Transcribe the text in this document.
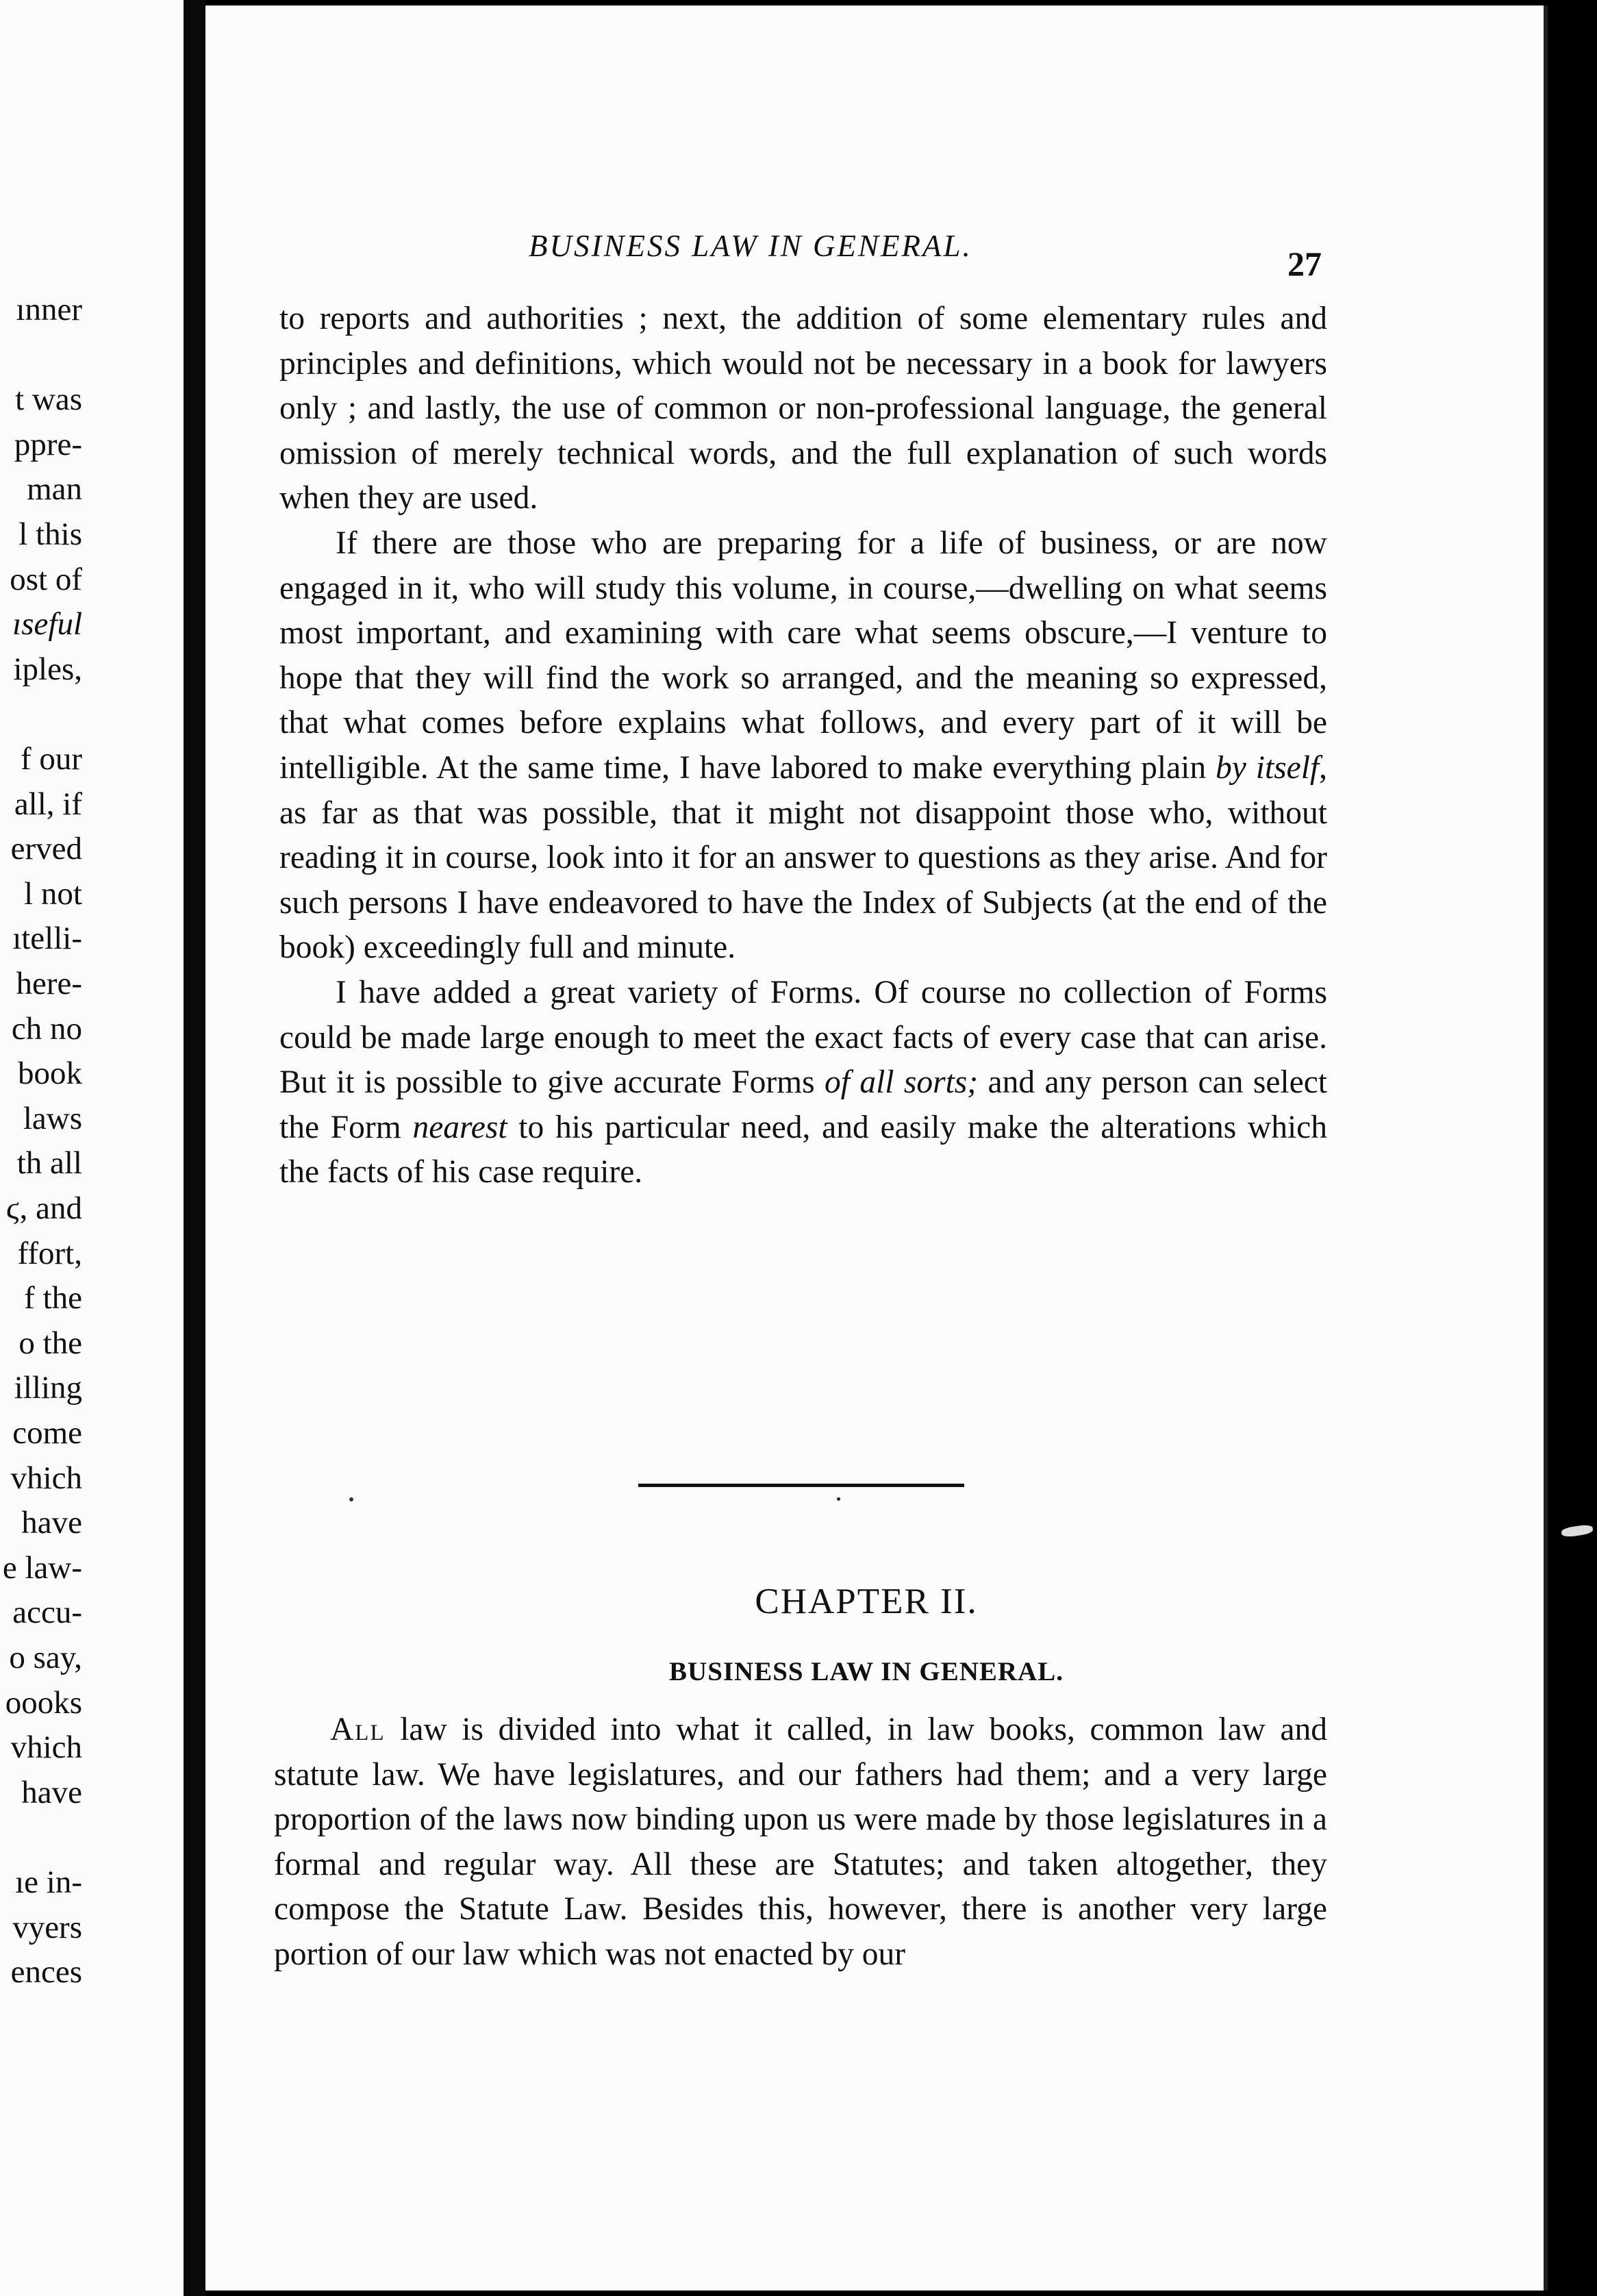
ınner
t was
ppre-
man
l this
ost of
ıseful
iples,
f our
all, if
erved
l not
ıtelli-
here-
ch no
book
laws
th all
ϛ, and
ffort,
f the
o the
illing
come
vhich
have
e law-
accu-
o say,
oooks
vhich
have
ıe in-
vyers
ences
BUSINESS LAW IN GENERAL.	27

to reports and authorities ; next, the addition of some elementary rules and principles and definitions, which would not be necessary in a book for lawyers only ; and lastly, the use of common or non-professional language, the general omission of merely technical words, and the full explanation of such words when they are used.

If there are those who are preparing for a life of business, or are now engaged in it, who will study this volume, in course,—dwelling on what seems most important, and examining with care what seems obscure,—I venture to hope that they will find the work so arranged, and the meaning so expressed, that what comes before explains what follows, and every part of it will be intelligible. At the same time, I have labored to make everything plain by itself, as far as that was possible, that it might not disappoint those who, without reading it in course, look into it for an answer to questions as they arise. And for such persons I have endeavored to have the Index of Subjects (at the end of the book) exceedingly full and minute.

I have added a great variety of Forms. Of course no collection of Forms could be made large enough to meet the exact facts of every case that can arise. But it is possible to give accurate Forms of all sorts; and any person can select the Form nearest to his particular need, and easily make the alterations which the facts of his case require.

CHAPTER II.
BUSINESS LAW IN GENERAL.

All law is divided into what it called, in law books, common law and statute law. We have legislatures, and our fathers had them; and a very large proportion of the laws now binding upon us were made by those legislatures in a formal and regular way. All these are Statutes; and taken altogether, they compose the Statute Law. Besides this, however, there is another very large portion of our law which was not enacted by our
